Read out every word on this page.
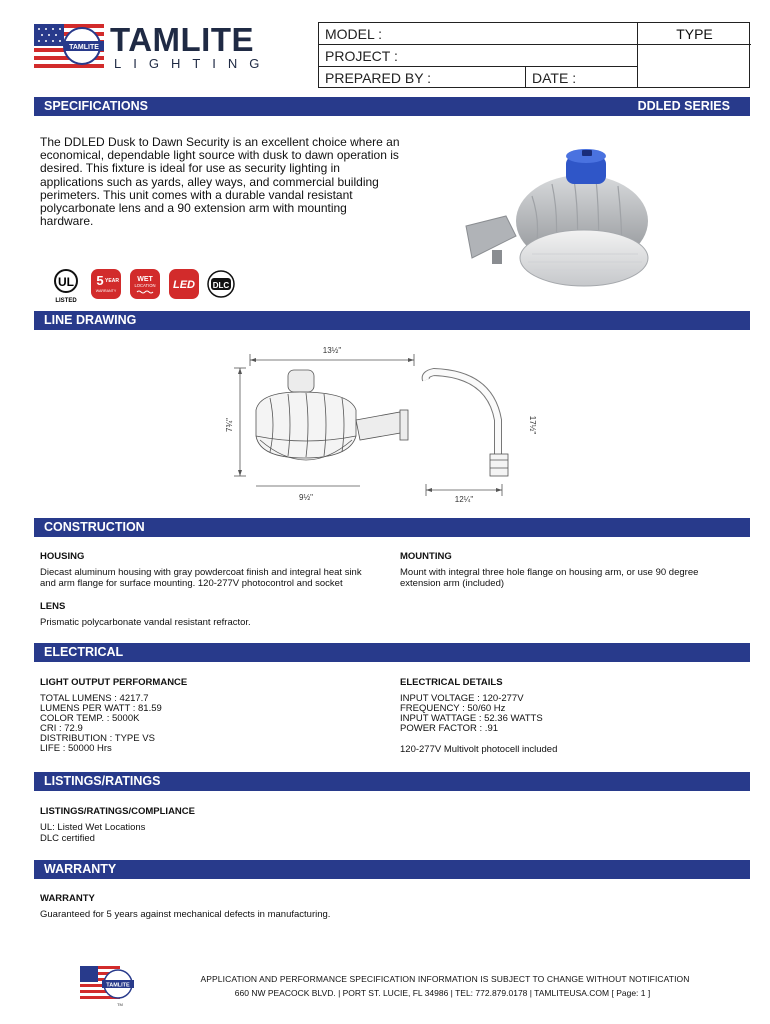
TAMLITE TAMLITE
LIGHTING
MODEL :
PROJECT :
PREPARED BY :	DATE :
TYPE
SPECIFICATIONS	DDLED SERIES
The DDLED Dusk to Dawn Security is an excellent choice where an economical, dependable light source with dusk to dawn operation is desired. This fixture is ideal for use as security lighting in applications such as yards, alley ways, and commercial building perimeters. This unit comes with a durable vandal resistant polycarbonate lens and a 90 extension arm with mounting hardware.
UL
LISTED
5 YEAR
WARRANTY
WET
LOCATION LED DLC
LINE DRAWING
13½"
7¾"
9½"
17½"
12¼"
CONSTRUCTION
HOUSING
Diecast aluminum housing with gray powdercoat finish and integral heat sink
and arm flange for surface mounting. 120-277V photocontrol and socket
MOUNTING
Mount with integral three hole flange on housing arm, or use 90 degree
extension arm (included)
LENS
Prismatic polycarbonate vandal resistant refractor.
ELECTRICAL
LIGHT OUTPUT PERFORMANCE
TOTAL LUMENS : 4217.7
LUMENS PER WATT : 81.59
COLOR TEMP. : 5000K
CRI : 72.9
DISTRIBUTION : TYPE VS
LIFE : 50000 Hrs
ELECTRICAL DETAILS
INPUT VOLTAGE : 120-277V
FREQUENCY : 50/60 Hz
INPUT WATTAGE : 52.36 WATTS
POWER FACTOR : .91
120-277V Multivolt photocell included
LISTINGS/RATINGS
LISTINGS/RATINGS/COMPLIANCE
UL: Listed Wet Locations
DLC certified
WARRANTY
WARRANTY
Guaranteed for 5 years against mechanical defects in manufacturing.
TAMLITE
TM
APPLICATION AND PERFORMANCE SPECIFICATION INFORMATION IS SUBJECT TO CHANGE WITHOUT NOTIFICATION
660 NW PEACOCK BLVD. | PORT ST. LUCIE, FL 34986 | TEL: 772.879.0178 | TAMLITEUSA.COM [ Page: 1 ]
